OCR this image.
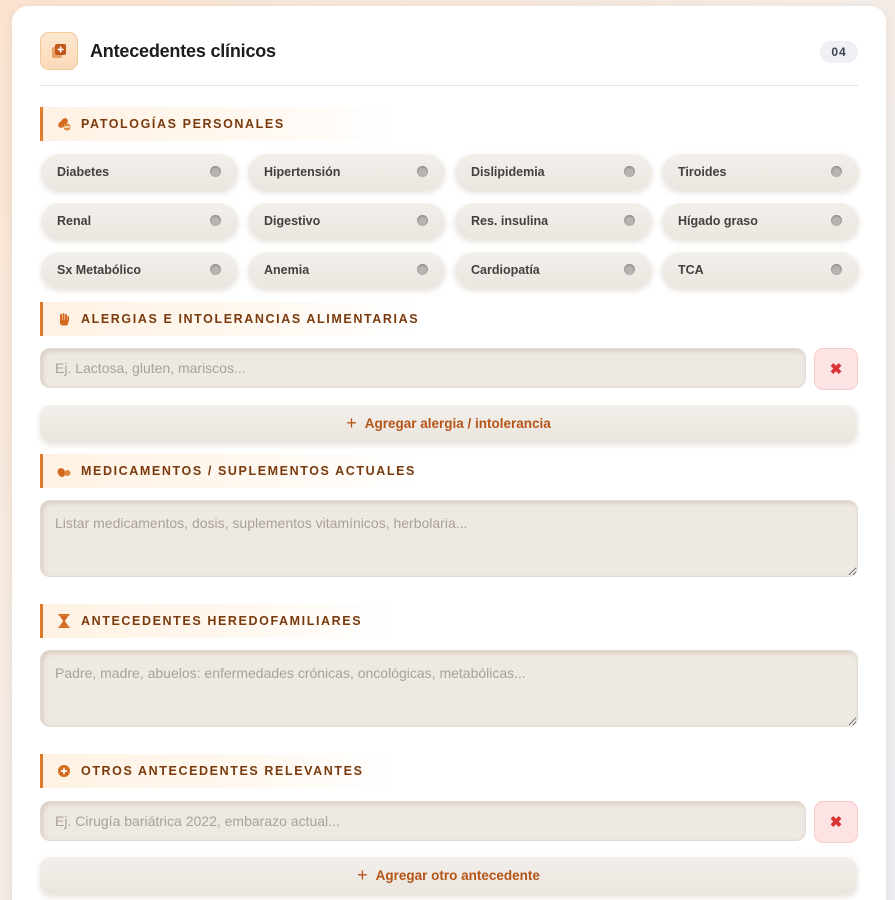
Antecedentes clínicos	04
PATOLOGÍAS PERSONALES
Diabetes	Hipertensión	Dislipidemia	Tiroides
Renal	Digestivo	Res. insulina	Hígado graso
Sx Metabólico	Anemia	Cardiopatía	TCA
ALERGIAS E INTOLERANCIAS ALIMENTARIAS
Ej. Lactosa, gluten, mariscos...
✖
+ Agregar alergia / intolerancia
MEDICAMENTOS / SUPLEMENTOS ACTUALES
Listar medicamentos, dosis, suplementos vitamínicos, herbolaria...
ANTECEDENTES HEREDOFAMILIARES
Padre, madre, abuelos: enfermedades crónicas, oncológicas, metabólicas...
OTROS ANTECEDENTES RELEVANTES
Ej. Cirugía bariátrica 2022, embarazo actual...
✖
+ Agregar otro antecedente
